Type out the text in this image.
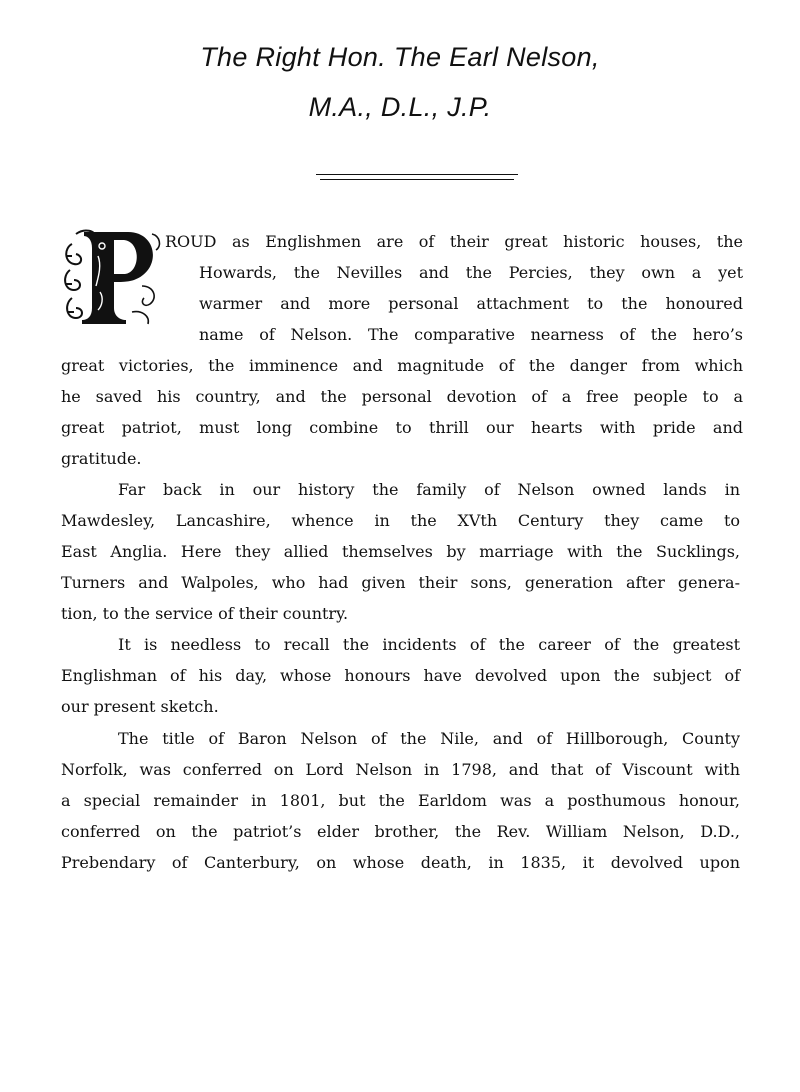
The Right Hon. The Earl Nelson,
M.A., D.L., J.P.
ROUD as Englishmen are of their great historic houses, the
Howards, the Nevilles and the Percies, they own a yet
warmer and more personal attachment to the honoured
name of Nelson. The comparative nearness of the hero’s
great victories, the imminence and magnitude of the danger from which
he saved his country, and the personal devotion of a free people to a
great patriot, must long combine to thrill our hearts with pride and
gratitude.
Far back in our history the family of Nelson owned lands in
Mawdesley, Lancashire, whence in the XVth Century they came to
East Anglia. Here they allied themselves by marriage with the Sucklings,
Turners and Walpoles, who had given their sons, generation after genera-
tion, to the service of their country.
It is needless to recall the incidents of the career of the greatest
Englishman of his day, whose honours have devolved upon the subject of
our present sketch.
The title of Baron Nelson of the Nile, and of Hillborough, County
Norfolk, was conferred on Lord Nelson in 1798, and that of Viscount with
a special remainder in 1801, but the Earldom was a posthumous honour,
conferred on the patriot’s elder brother, the Rev. William Nelson, D.D.,
Prebendary of Canterbury, on whose death, in 1835, it devolved upon
